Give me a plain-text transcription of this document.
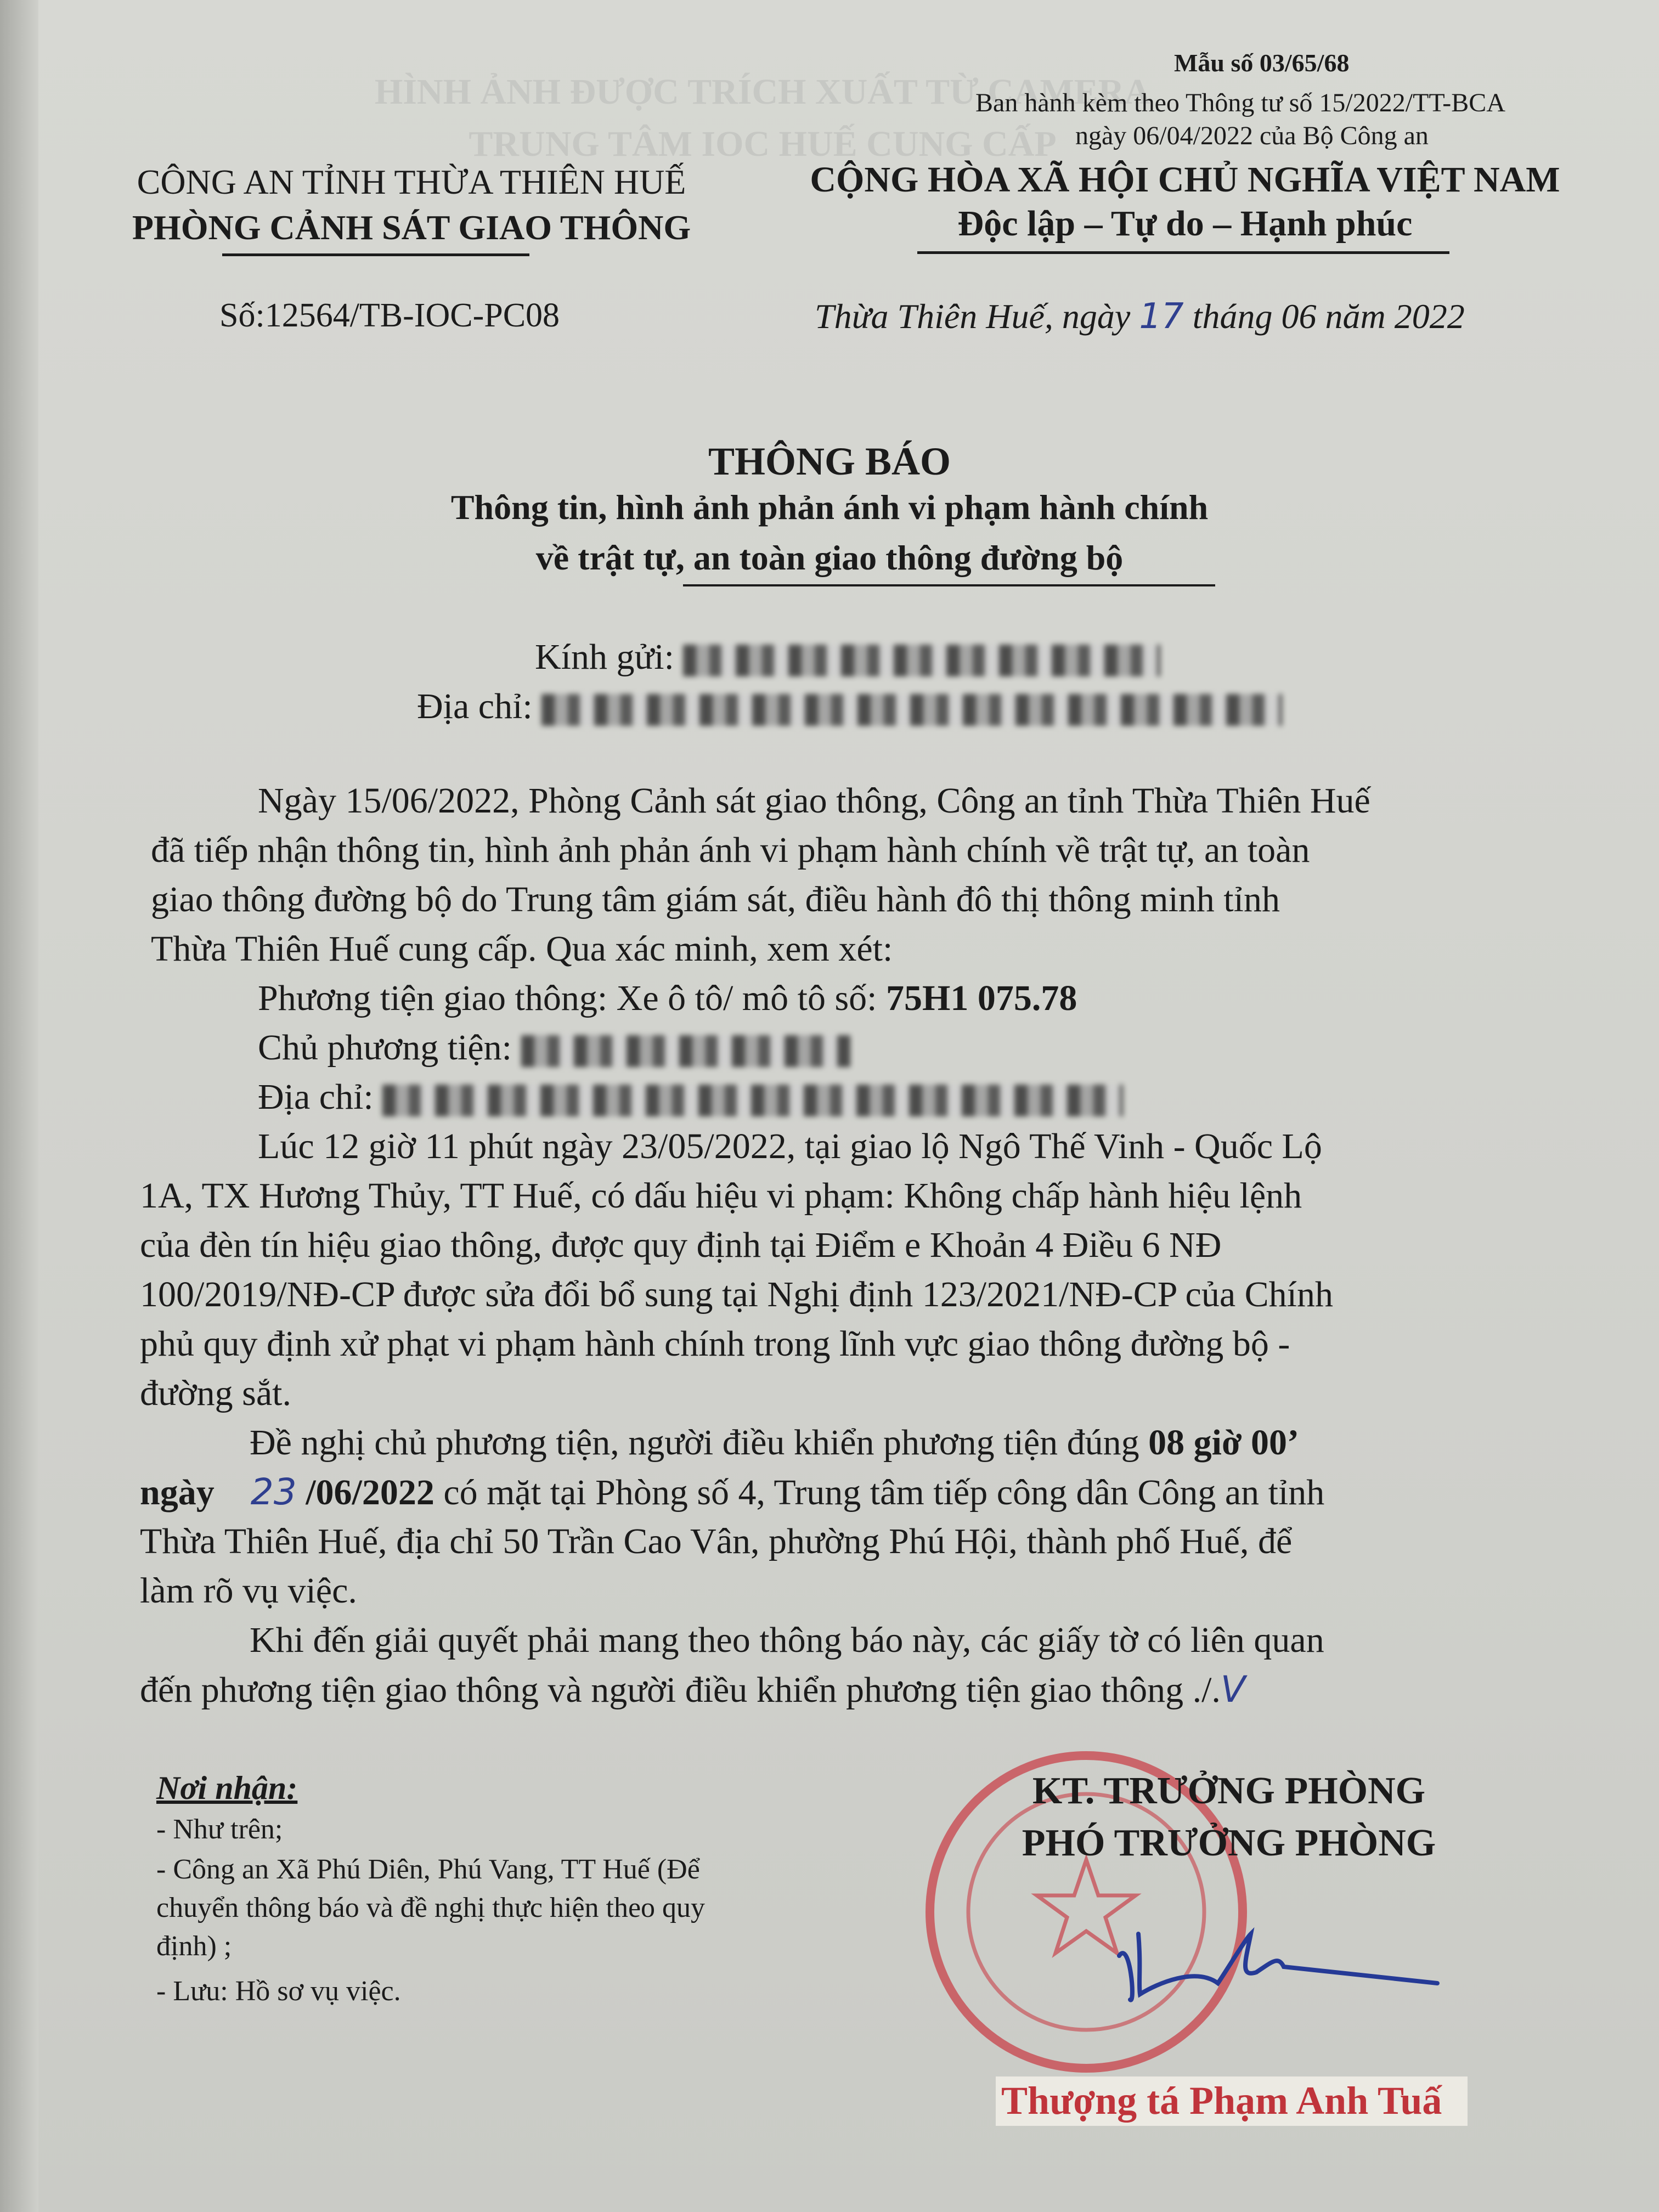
HÌNH ẢNH ĐƯỢC TRÍCH XUẤT TỪ CAMERA
TRUNG TÂM IOC HUẾ CUNG CẤP
Mẫu số 03/65/68
Ban hành kèm theo Thông tư số 15/2022/TT-BCA
ngày 06/04/2022 của Bộ Công an
CÔNG AN TỈNH THỪA THIÊN HUẾ
PHÒNG CẢNH SÁT GIAO THÔNG
CỘNG HÒA XÃ HỘI CHỦ NGHĨA VIỆT NAM
Độc lập – Tự do – Hạnh phúc
Số:12564/TB-IOC-PC08	Thừa Thiên Huế, ngày 17 tháng 06 năm 2022
THÔNG BÁO
Thông tin, hình ảnh phản ánh vi phạm hành chính
về trật tự, an toàn giao thông đường bộ
Kính gửi:
Địa chỉ:
Ngày 15/06/2022, Phòng Cảnh sát giao thông, Công an tỉnh Thừa Thiên Huế
đã tiếp nhận thông tin, hình ảnh phản ánh vi phạm hành chính về trật tự, an toàn
giao thông đường bộ do Trung tâm giám sát, điều hành đô thị thông minh tỉnh
Thừa Thiên Huế cung cấp. Qua xác minh, xem xét:
Phương tiện giao thông: Xe ô tô/ mô tô số: 75H1 075.78
Chủ phương tiện:
Địa chỉ:
Lúc 12 giờ 11 phút ngày 23/05/2022, tại giao lộ Ngô Thế Vinh - Quốc Lộ
1A, TX Hương Thủy, TT Huế, có dấu hiệu vi phạm: Không chấp hành hiệu lệnh
của đèn tín hiệu giao thông, được quy định tại Điểm e Khoản 4 Điều 6 NĐ
100/2019/NĐ-CP được sửa đổi bổ sung tại Nghị định 123/2021/NĐ-CP của Chính
phủ quy định xử phạt vi phạm hành chính trong lĩnh vực giao thông đường bộ -
đường sắt.
Đề nghị chủ phương tiện, người điều khiển phương tiện đúng 08 giờ 00’
ngày 23 /06/2022 có mặt tại Phòng số 4, Trung tâm tiếp công dân Công an tỉnh
Thừa Thiên Huế, địa chỉ 50 Trần Cao Vân, phường Phú Hội, thành phố Huế, để
làm rõ vụ việc.
Khi đến giải quyết phải mang theo thông báo này, các giấy tờ có liên quan
đến phương tiện giao thông và người điều khiển phương tiện giao thông ./.V
Nơi nhận:
- Như trên;
- Công an Xã Phú Diên, Phú Vang, TT Huế (Để
chuyển thông báo và đề nghị thực hiện theo quy
định) ;
- Lưu: Hồ sơ vụ việc.
KT. TRƯỞNG PHÒNG
PHÓ TRƯỞNG PHÒNG
Thượng tá Phạm Anh Tuấ
